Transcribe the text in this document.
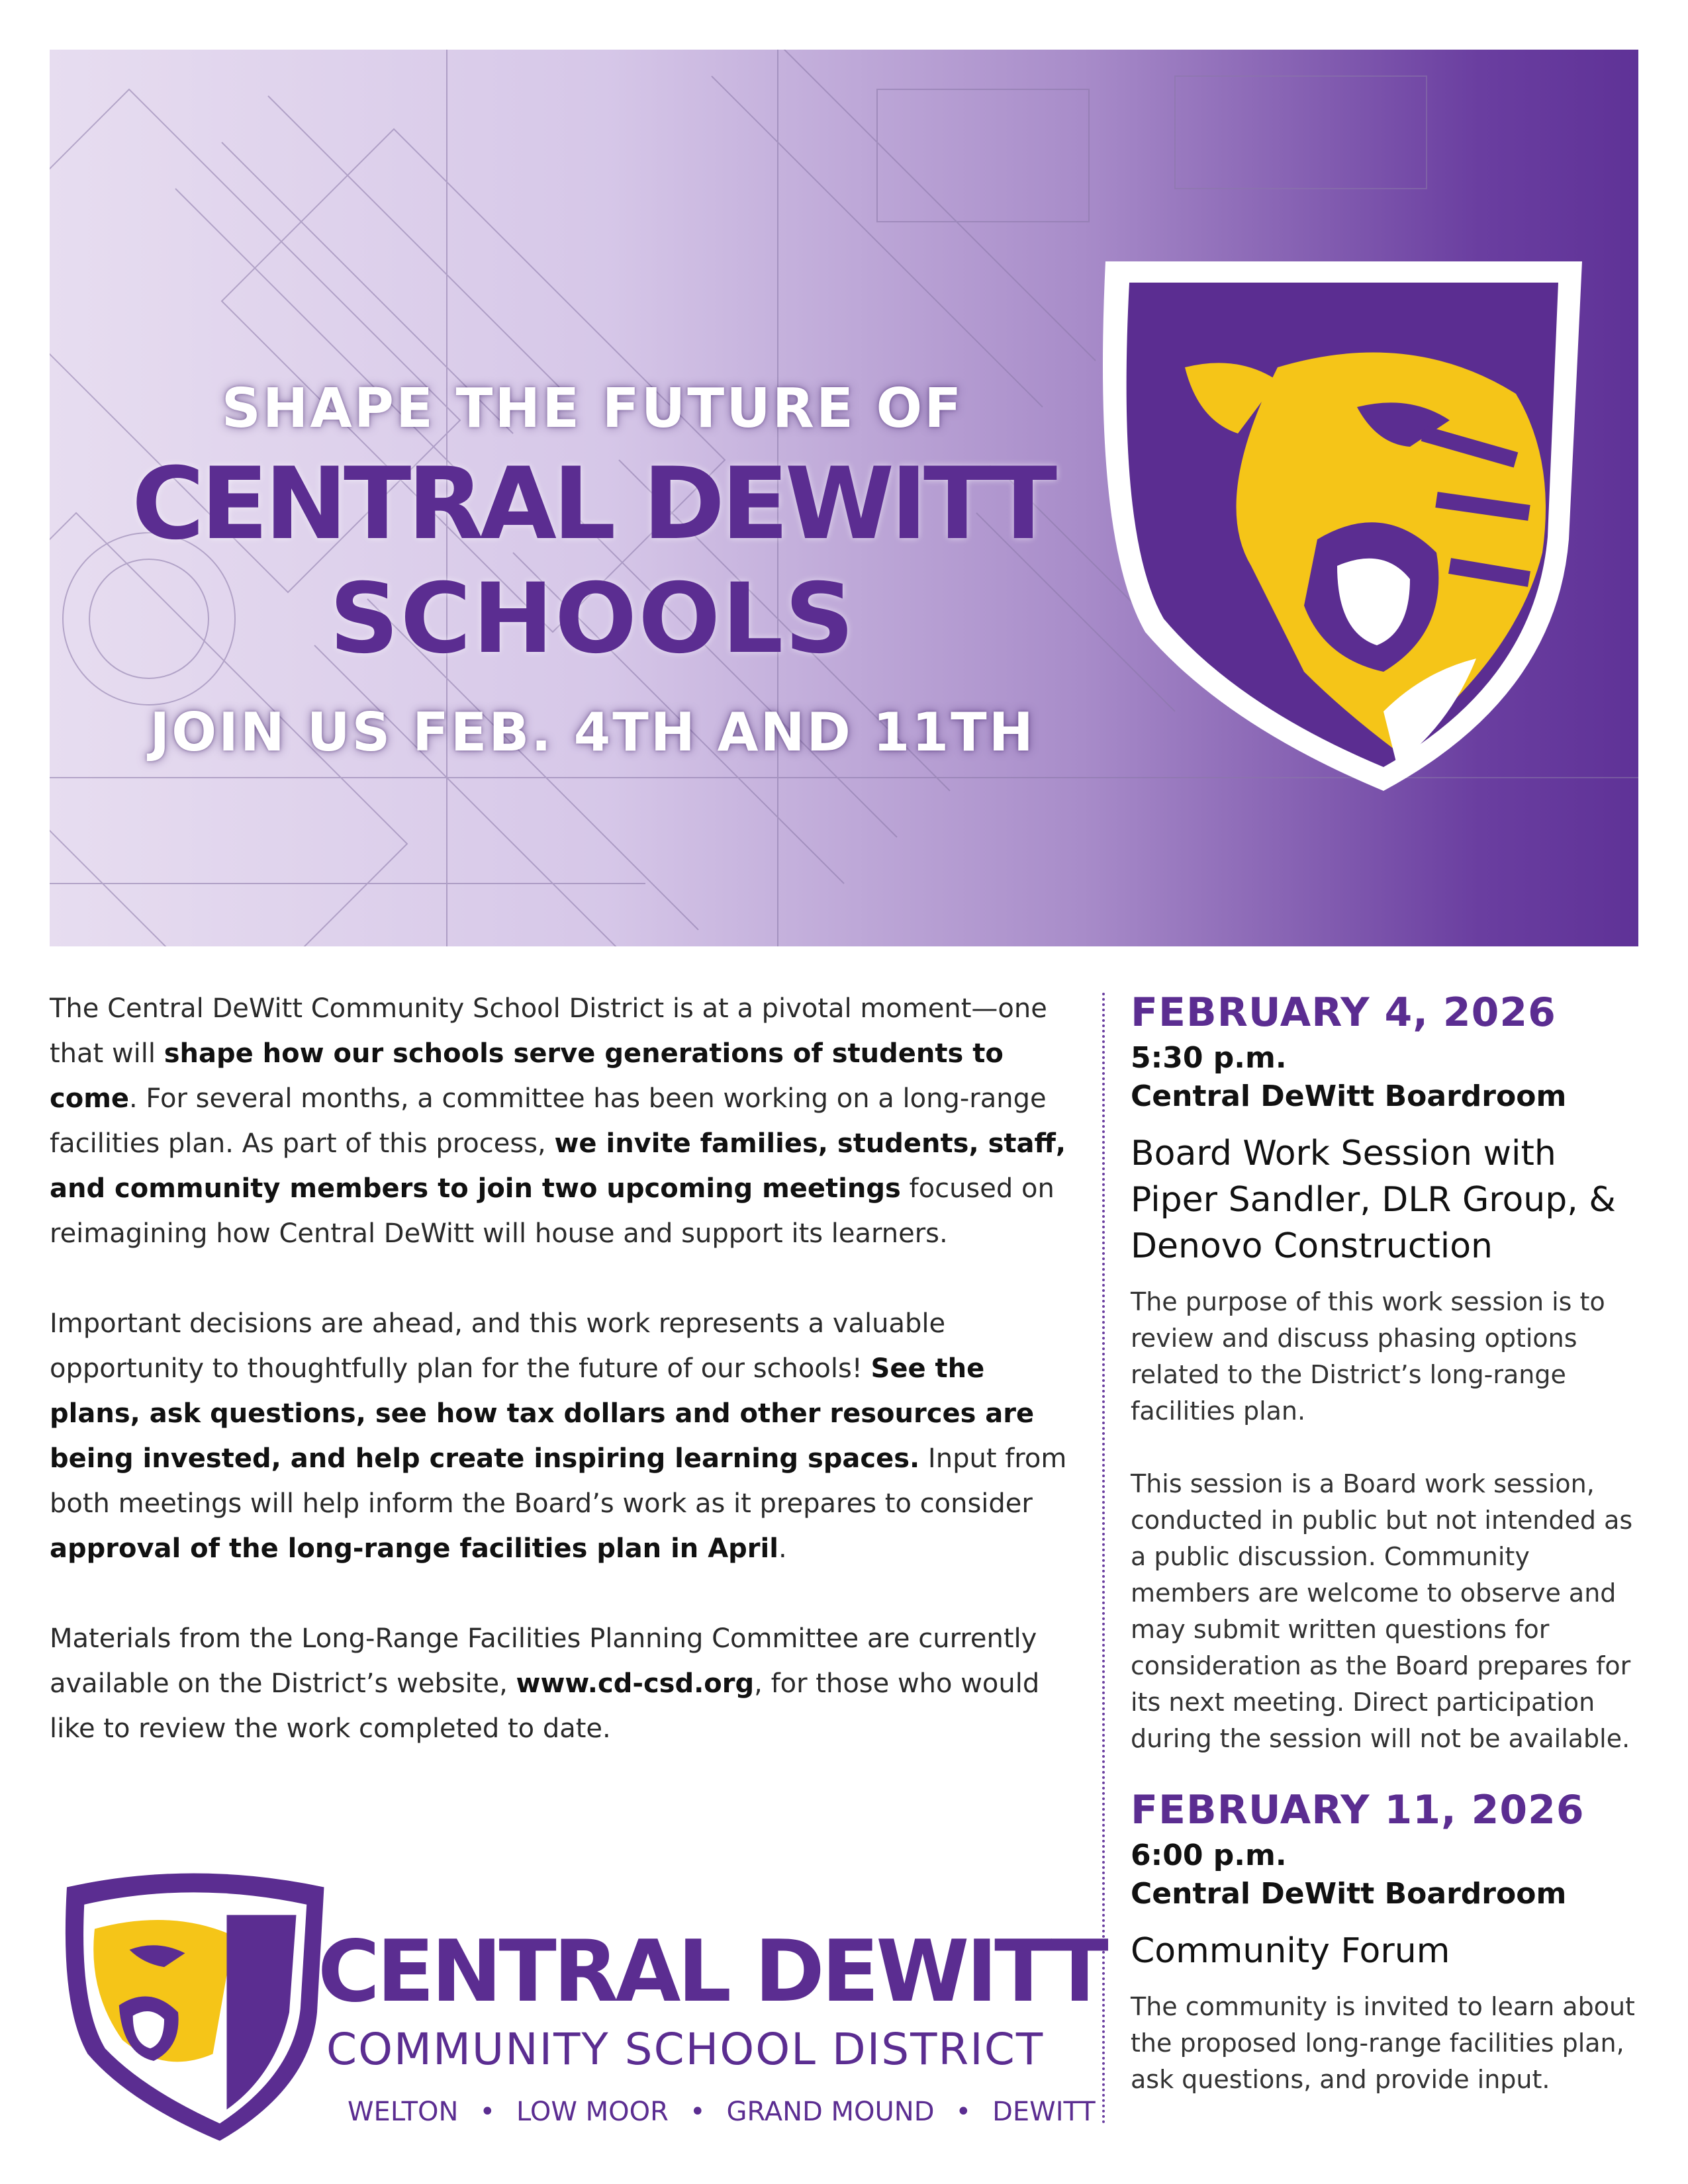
SHAPE THE FUTURE OF
CENTRAL DEWITT
SCHOOLS
JOIN US FEB. 4TH AND 11TH

The Central DeWitt Community School District is at a pivotal moment—one that will shape how our schools serve generations of students to come. For several months, a committee has been working on a long-range facilities plan. As part of this process, we invite families, students, staff, and community members to join two upcoming meetings focused on reimagining how Central DeWitt will house and support its learners.

Important decisions are ahead, and this work represents a valuable opportunity to thoughtfully plan for the future of our schools! See the plans, ask questions, see how tax dollars and other resources are being invested, and help create inspiring learning spaces. Input from both meetings will help inform the Board’s work as it prepares to consider approval of the long-range facilities plan in April.

Materials from the Long-Range Facilities Planning Committee are currently available on the District’s website, www.cd-csd.org, for those who would like to review the work completed to date.

FEBRUARY 4, 2026
5:30 p.m.
Central DeWitt Boardroom
Board Work Session with Piper Sandler, DLR Group, & Denovo Construction

The purpose of this work session is to review and discuss phasing options related to the District’s long-range facilities plan.

This session is a Board work session, conducted in public but not intended as a public discussion. Community members are welcome to observe and may submit written questions for consideration as the Board prepares for its next meeting. Direct participation during the session will not be available.

FEBRUARY 11, 2026
6:00 p.m.
Central DeWitt Boardroom
Community Forum

The community is invited to learn about the proposed long-range facilities plan, ask questions, and provide input.

CENTRAL DEWITT
COMMUNITY SCHOOL DISTRICT
WELTON • LOW MOOR • GRAND MOUND • DEWITT
